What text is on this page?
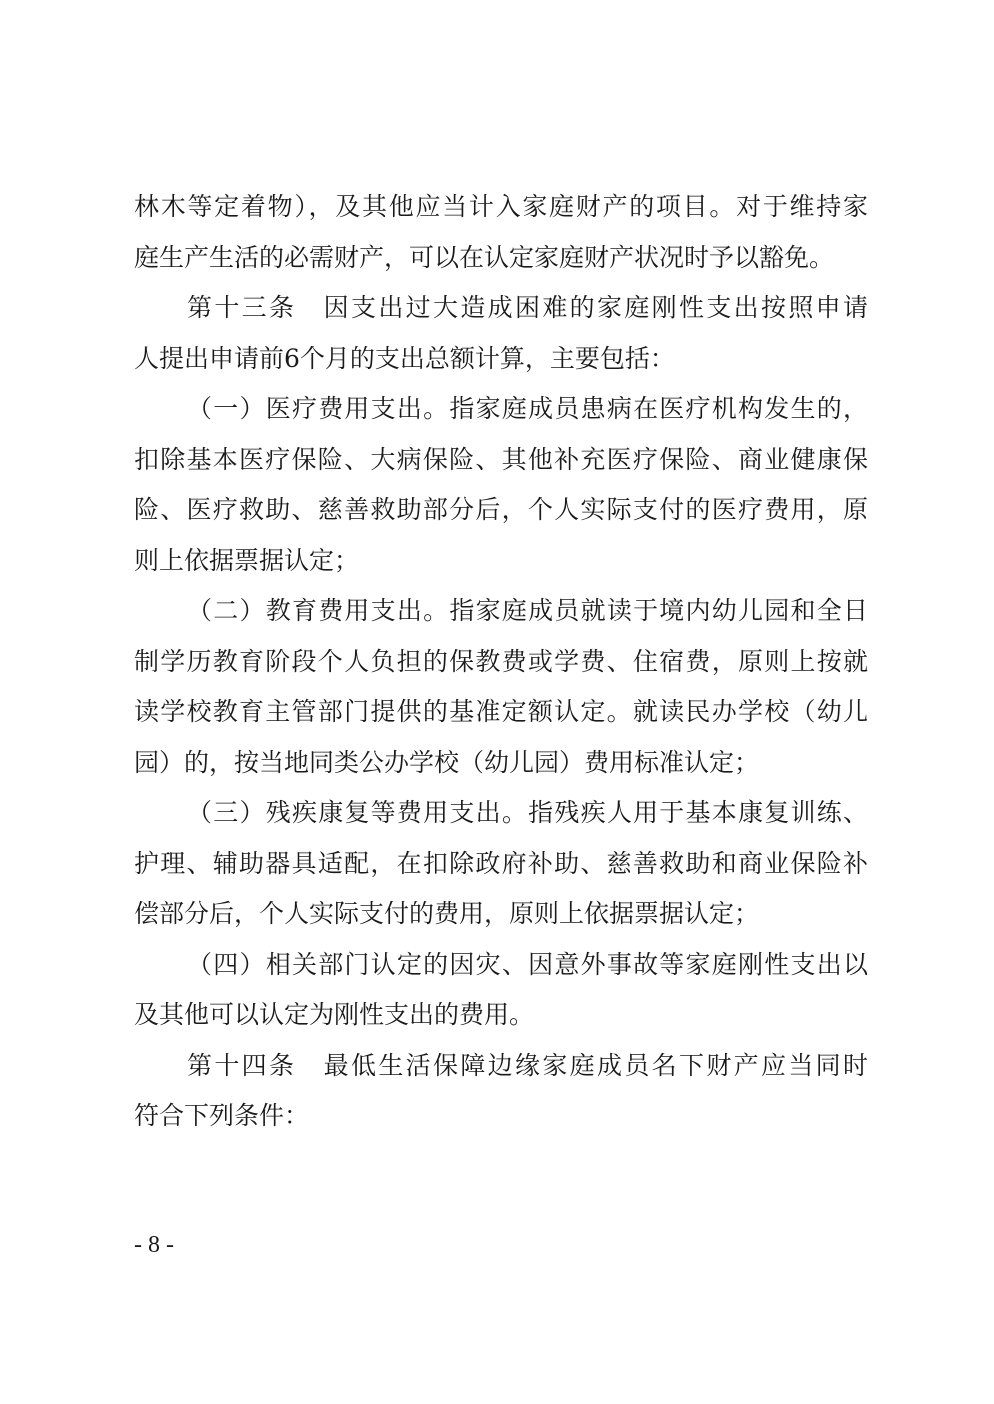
林木等定着物），及其他应当计入家庭财产的项目。对于维持家
庭生产生活的必需财产，可以在认定家庭财产状况时予以豁免。
第十三条　因支出过大造成困难的家庭刚性支出按照申请
人提出申请前6个月的支出总额计算，主要包括：
（一）医疗费用支出。指家庭成员患病在医疗机构发生的，
扣除基本医疗保险、大病保险、其他补充医疗保险、商业健康保
险、医疗救助、慈善救助部分后，个人实际支付的医疗费用，原
则上依据票据认定；
（二）教育费用支出。指家庭成员就读于境内幼儿园和全日
制学历教育阶段个人负担的保教费或学费、住宿费，原则上按就
读学校教育主管部门提供的基准定额认定。就读民办学校（幼儿
园）的，按当地同类公办学校（幼儿园）费用标准认定；
（三）残疾康复等费用支出。指残疾人用于基本康复训练、
护理、辅助器具适配，在扣除政府补助、慈善救助和商业保险补
偿部分后，个人实际支付的费用，原则上依据票据认定；
（四）相关部门认定的因灾、因意外事故等家庭刚性支出以
及其他可以认定为刚性支出的费用。
第十四条　最低生活保障边缘家庭成员名下财产应当同时
符合下列条件：
- 8 -
